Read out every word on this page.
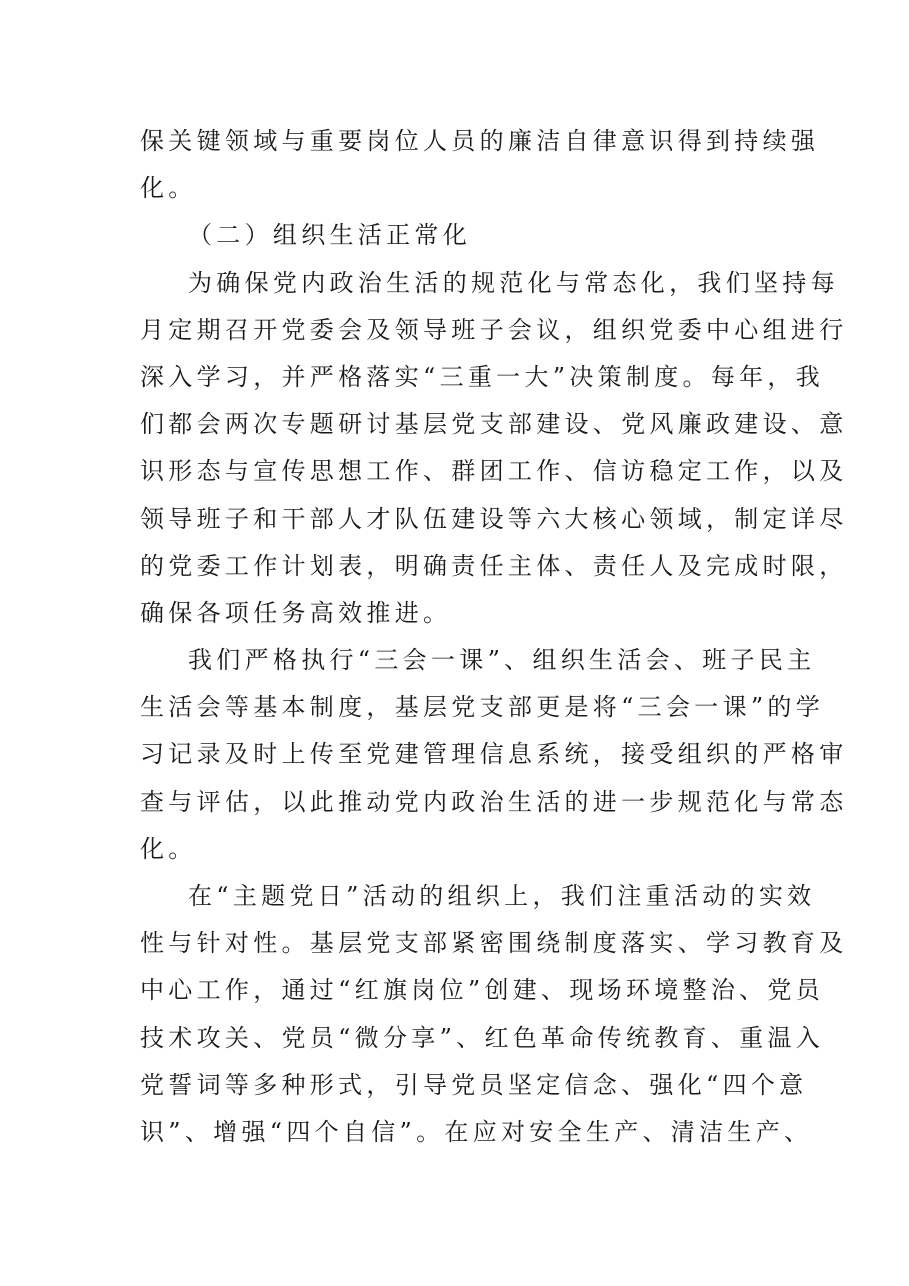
保关键领域与重要岗位人员的廉洁自律意识得到持续强
化。
（二）组织生活正常化
为确保党内政治生活的规范化与常态化，我们坚持每
月定期召开党委会及领导班子会议，组织党委中心组进行
深入学习，并严格落实“三重一大”决策制度。每年，我
们都会两次专题研讨基层党支部建设、党风廉政建设、意
识形态与宣传思想工作、群团工作、信访稳定工作，以及
领导班子和干部人才队伍建设等六大核心领域，制定详尽
的党委工作计划表，明确责任主体、责任人及完成时限，
确保各项任务高效推进。
我们严格执行“三会一课”、组织生活会、班子民主
生活会等基本制度，基层党支部更是将“三会一课”的学
习记录及时上传至党建管理信息系统，接受组织的严格审
查与评估，以此推动党内政治生活的进一步规范化与常态
化。
在“主题党日”活动的组织上，我们注重活动的实效
性与针对性。基层党支部紧密围绕制度落实、学习教育及
中心工作，通过“红旗岗位”创建、现场环境整治、党员
技术攻关、党员“微分享”、红色革命传统教育、重温入
党誓词等多种形式，引导党员坚定信念、强化“四个意
识”、增强“四个自信”。在应对安全生产、清洁生产、
